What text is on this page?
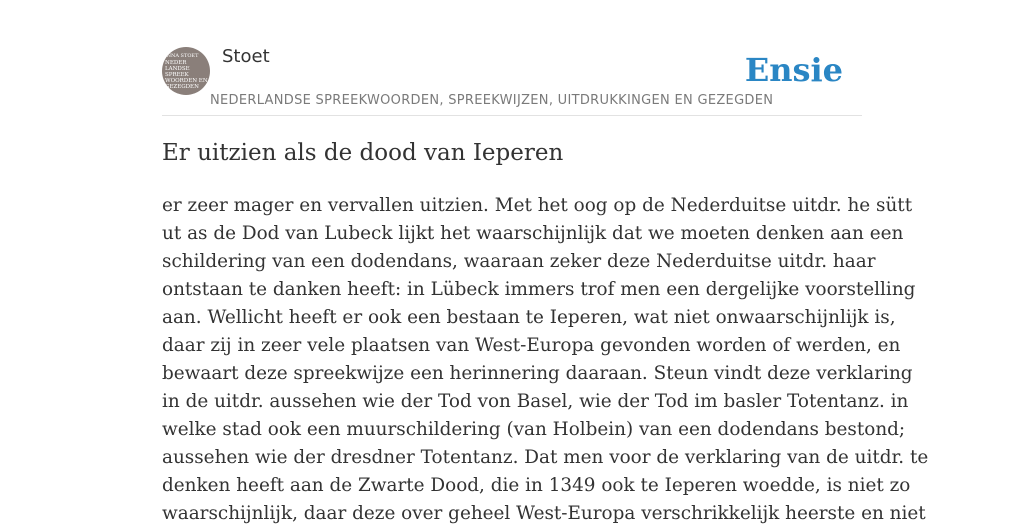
ANNA STOET
NEDER
LANDSE
SPREEK
WOORDEN EN
GEZEGDEN
Stoet
NEDERLANDSE SPREEKWOORDEN, SPREEKWIJZEN, UITDRUKKINGEN EN GEZEGDEN
Ensie
Er uitzien als de dood van Ieperen
er zeer mager en vervallen uitzien. Met het oog op de Nederduitse uitdr. he sütt
ut as de Dod van Lubeck lijkt het waarschijnlijk dat we moeten denken aan een
schildering van een dodendans, waaraan zeker deze Nederduitse uitdr. haar
ontstaan te danken heeft: in Lübeck immers trof men een dergelijke voorstelling
aan. Wellicht heeft er ook een bestaan te Ieperen, wat niet onwaarschijnlijk is,
daar zij in zeer vele plaatsen van West-Europa gevonden worden of werden, en
bewaart deze spreekwijze een herinnering daaraan. Steun vindt deze verklaring
in de uitdr. aussehen wie der Tod von Basel, wie der Tod im basler Totentanz. in
welke stad ook een muurschildering (van Holbein) van een dodendans bestond;
aussehen wie der dresdner Totentanz. Dat men voor de verklaring van de uitdr. te
denken heeft aan de Zwarte Dood, die in 1349 ook te Ieperen woedde, is niet zo
waarschijnlijk, daar deze over geheel West-Europa verschrikkelijk heerste en niet
